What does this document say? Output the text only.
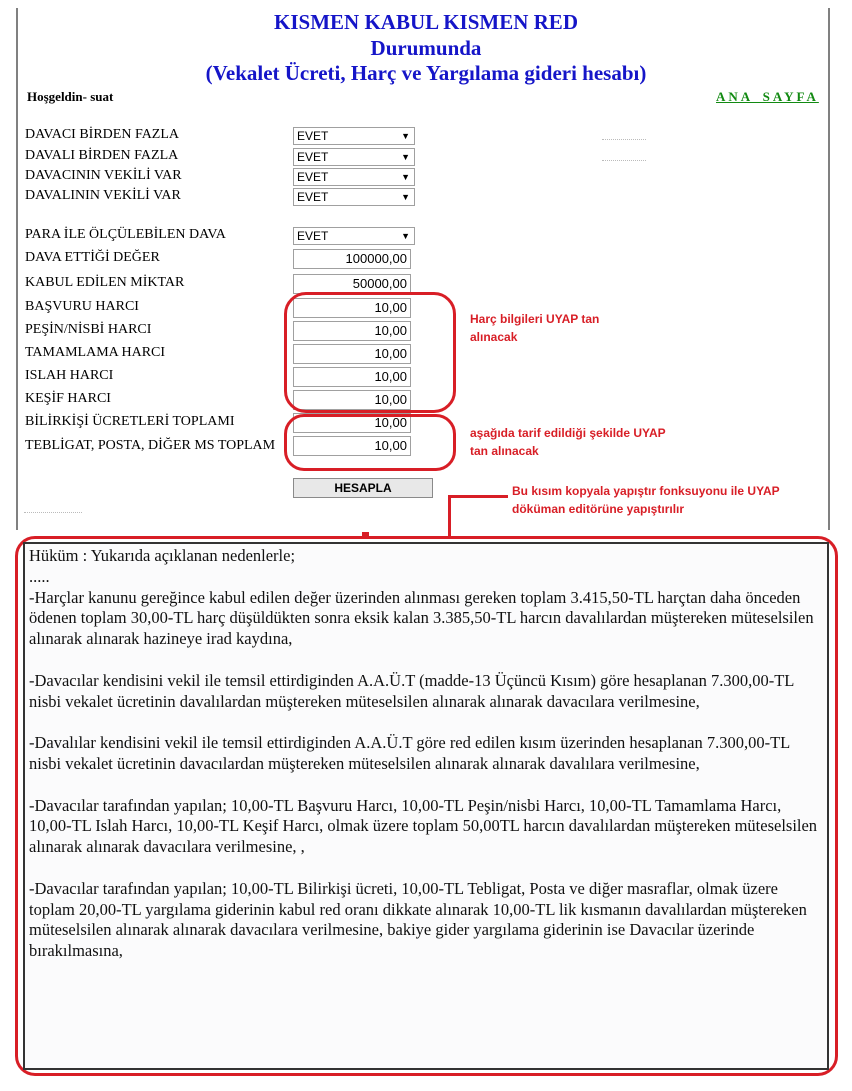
KISMEN KABUL KISMEN RED
Durumunda
(Vekalet Ücreti, Harç ve Yargılama gideri hesabı)
Hoşgeldin- suat	ANA_SAYFA
DAVACI BİRDEN FAZLA	EVET	▼
DAVALI BİRDEN FAZLA	EVET	▼
DAVACININ VEKİLİ VAR	EVET	▼
DAVALININ VEKİLİ VAR	EVET	▼
PARA İLE ÖLÇÜLEBİLEN DAVA	EVET	▼
DAVA ETTİĞİ DEĞER	100000,00
KABUL EDİLEN MİKTAR	50000,00
BAŞVURU HARCI	10,00
PEŞİN/NİSBİ HARCI	10,00
TAMAMLAMA HARCI	10,00
ISLAH HARCI	10,00
KEŞİF HARCI	10,00
BİLİRKİŞİ ÜCRETLERİ TOPLAMI	10,00
TEBLİGAT, POSTA, DİĞER MS TOPLAM	10,00
HESAPLA
Harç bilgileri UYAP tan alınacak
aşağıda tarif edildiği şekilde UYAP tan alınacak
Bu kısım kopyala yapıştır fonksuyonu ile UYAP döküman editörüne yapıştırılır

Hüküm : Yukarıda açıklanan nedenlerle;

.....

-Harçlar kanunu gereğince kabul edilen değer üzerinden alınması gereken toplam 3.415,50-TL harçtan daha önceden ödenen toplam 30,00-TL harç düşüldükten sonra eksik kalan 3.385,50-TL harcın davalılardan müştereken müteselsilen alınarak alınarak hazineye irad kaydına,

-Davacılar kendisini vekil ile temsil ettirdiginden A.A.Ü.T (madde-13 Üçüncü Kısım) göre hesaplanan 7.300,00-TL nisbi vekalet ücretinin davalılardan müştereken müteselsilen alınarak alınarak davacılara verilmesine,

-Davalılar kendisini vekil ile temsil ettirdiginden A.A.Ü.T göre red edilen kısım üzerinden hesaplanan 7.300,00-TL nisbi vekalet ücretinin davacılardan müştereken müteselsilen alınarak alınarak davalılara verilmesine,

-Davacılar tarafından yapılan; 10,00-TL Başvuru Harcı, 10,00-TL Peşin/nisbi Harcı, 10,00-TL Tamamlama Harcı, 10,00-TL Islah Harcı, 10,00-TL Keşif Harcı, olmak üzere toplam 50,00TL harcın davalılardan müştereken müteselsilen alınarak alınarak davacılara verilmesine, ,

-Davacılar tarafından yapılan; 10,00-TL Bilirkişi ücreti, 10,00-TL Tebligat, Posta ve diğer masraflar, olmak üzere toplam 20,00-TL yargılama giderinin kabul red oranı dikkate alınarak 10,00-TL lik kısmanın davalılardan müştereken müteselsilen alınarak alınarak davacılara verilmesine, bakiye gider yargılama giderinin ise Davacılar üzerinde bırakılmasına,
